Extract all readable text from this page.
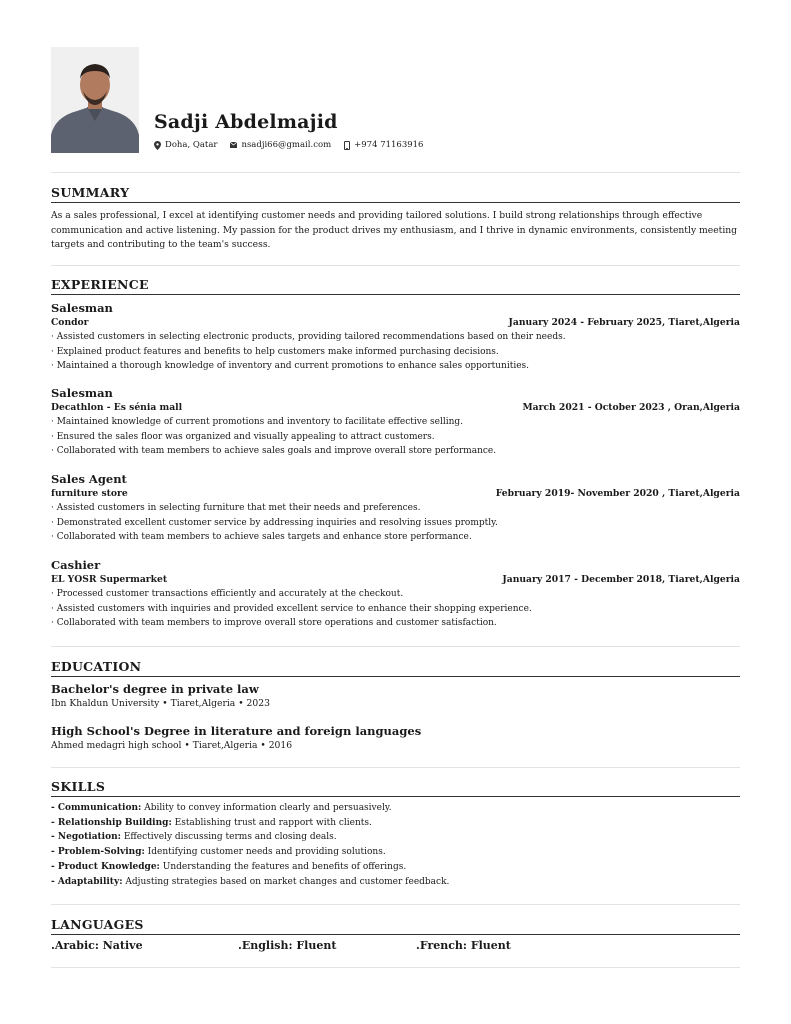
Sadji Abdelmajid
Doha, Qatar	nsadji66@gmail.com	+974 71163916
SUMMARY
As a sales professional, I excel at identifying customer needs and providing tailored solutions. I build strong relationships through effective communication and active listening. My passion for the product drives my enthusiasm, and I thrive in dynamic environments, consistently meeting targets and contributing to the team's success.
EXPERIENCE
Salesman
Condor	January 2024 - February 2025, Tiaret,Algeria
· Assisted customers in selecting electronic products, providing tailored recommendations based on their needs.
· Explained product features and benefits to help customers make informed purchasing decisions.
· Maintained a thorough knowledge of inventory and current promotions to enhance sales opportunities.
Salesman
Decathlon - Es sénia mall	March 2021 - October 2023 , Oran,Algeria
· Maintained knowledge of current promotions and inventory to facilitate effective selling.
· Ensured the sales floor was organized and visually appealing to attract customers.
· Collaborated with team members to achieve sales goals and improve overall store performance.
Sales Agent
furniture store	February 2019- November 2020 , Tiaret,Algeria
· Assisted customers in selecting furniture that met their needs and preferences.
· Demonstrated excellent customer service by addressing inquiries and resolving issues promptly.
· Collaborated with team members to achieve sales targets and enhance store performance.
Cashier
EL YOSR Supermarket	January 2017 - December 2018, Tiaret,Algeria
· Processed customer transactions efficiently and accurately at the checkout.
· Assisted customers with inquiries and provided excellent service to enhance their shopping experience.
· Collaborated with team members to improve overall store operations and customer satisfaction.
EDUCATION
Bachelor's degree in private law
Ibn Khaldun University • Tiaret,Algeria • 2023
High School's Degree in literature and foreign languages
Ahmed medagri high school • Tiaret,Algeria • 2016
SKILLS
- Communication: Ability to convey information clearly and persuasively.
- Relationship Building: Establishing trust and rapport with clients.
- Negotiation: Effectively discussing terms and closing deals.
- Problem-Solving: Identifying customer needs and providing solutions.
- Product Knowledge: Understanding the features and benefits of offerings.
- Adaptability: Adjusting strategies based on market changes and customer feedback.
LANGUAGES
.Arabic: Native	.English: Fluent	.French: Fluent
